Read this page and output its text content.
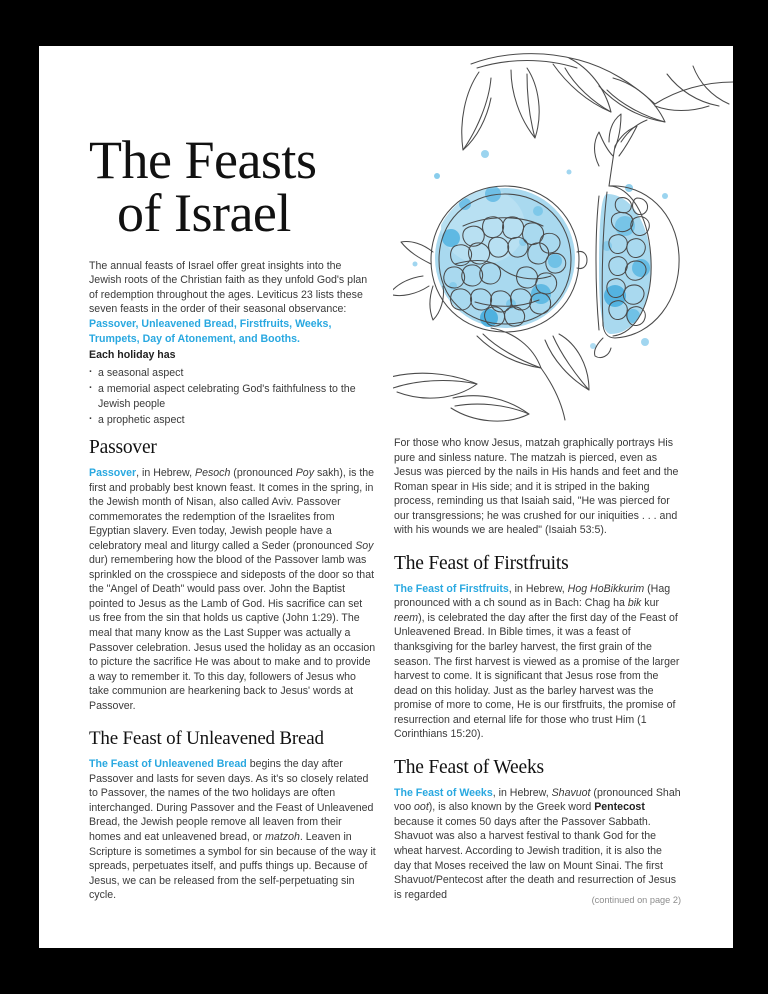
The Feasts
of Israel

The annual feasts of Israel offer great insights into the Jewish roots of the Christian faith as they unfold God's plan of redemption throughout the ages. Leviticus 23 lists these seven feasts in the order of their seasonal observance: Passover, Unleavened Bread, Firstfruits, Weeks, Trumpets, Day of Atonement, and Booths.

Each holiday has
· a seasonal aspect
· a memorial aspect celebrating God's faithfulness to the Jewish people
· a prophetic aspect
Passover

Passover, in Hebrew, Pesoch (pronounced Poy sakh), is the first and probably best known feast. It comes in the spring, in the Jewish month of Nisan, also called Aviv. Passover commemorates the redemption of the Israelites from Egyptian slavery. Even today, Jewish people have a celebratory meal and liturgy called a Seder (pronounced Soy dur) remembering how the blood of the Passover lamb was sprinkled on the crosspiece and sideposts of the door so that the "Angel of Death" would pass over. John the Baptist pointed to Jesus as the Lamb of God. His sacrifice can set us free from the sin that holds us captive (John 1:29). The meal that many know as the Last Supper was actually a Passover celebration. Jesus used the holiday as an occasion to picture the sacrifice He was about to make and to provide a way to remember it. To this day, followers of Jesus who take communion are hearkening back to Jesus' words at Passover.

The Feast of Unleavened Bread

The Feast of Unleavened Bread begins the day after Passover and lasts for seven days. As it's so closely related to Passover, the names of the two holidays are often interchanged. During Passover and the Feast of Unleavened Bread, the Jewish people remove all leaven from their homes and eat unleavened bread, or matzoh. Leaven in Scripture is sometimes a symbol for sin because of the way it spreads, perpetuates itself, and puffs things up. Because of Jesus, we can be released from the self-perpetuating sin cycle.

For those who know Jesus, matzah graphically portrays His pure and sinless nature. The matzah is pierced, even as Jesus was pierced by the nails in His hands and feet and the Roman spear in His side; and it is striped in the baking process, reminding us that Isaiah said, "He was pierced for our transgressions; he was crushed for our iniquities . . . and with his wounds we are healed" (Isaiah 53:5).

The Feast of Firstfruits

The Feast of Firstfruits, in Hebrew, Hog HoBikkurim (Hag pronounced with a ch sound as in Bach: Chag ha bik kur reem), is celebrated the day after the first day of the Feast of Unleavened Bread. In Bible times, it was a feast of thanksgiving for the barley harvest, the first grain of the season. The first harvest is viewed as a promise of the larger harvest to come. It is significant that Jesus rose from the dead on this holiday. Just as the barley harvest was the promise of more to come, He is our firstfruits, the promise of resurrection and eternal life for those who trust Him (1 Corinthians 15:20).

The Feast of Weeks

The Feast of Weeks, in Hebrew, Shavuot (pronounced Shah voo oot), is also known by the Greek word Pentecost because it comes 50 days after the Passover Sabbath. Shavuot was also a harvest festival to thank God for the wheat harvest. According to Jewish tradition, it is also the day that Moses received the law on Mount Sinai. The first Shavuot/Pentecost after the death and resurrection of Jesus is regarded	(continued on page 2)
